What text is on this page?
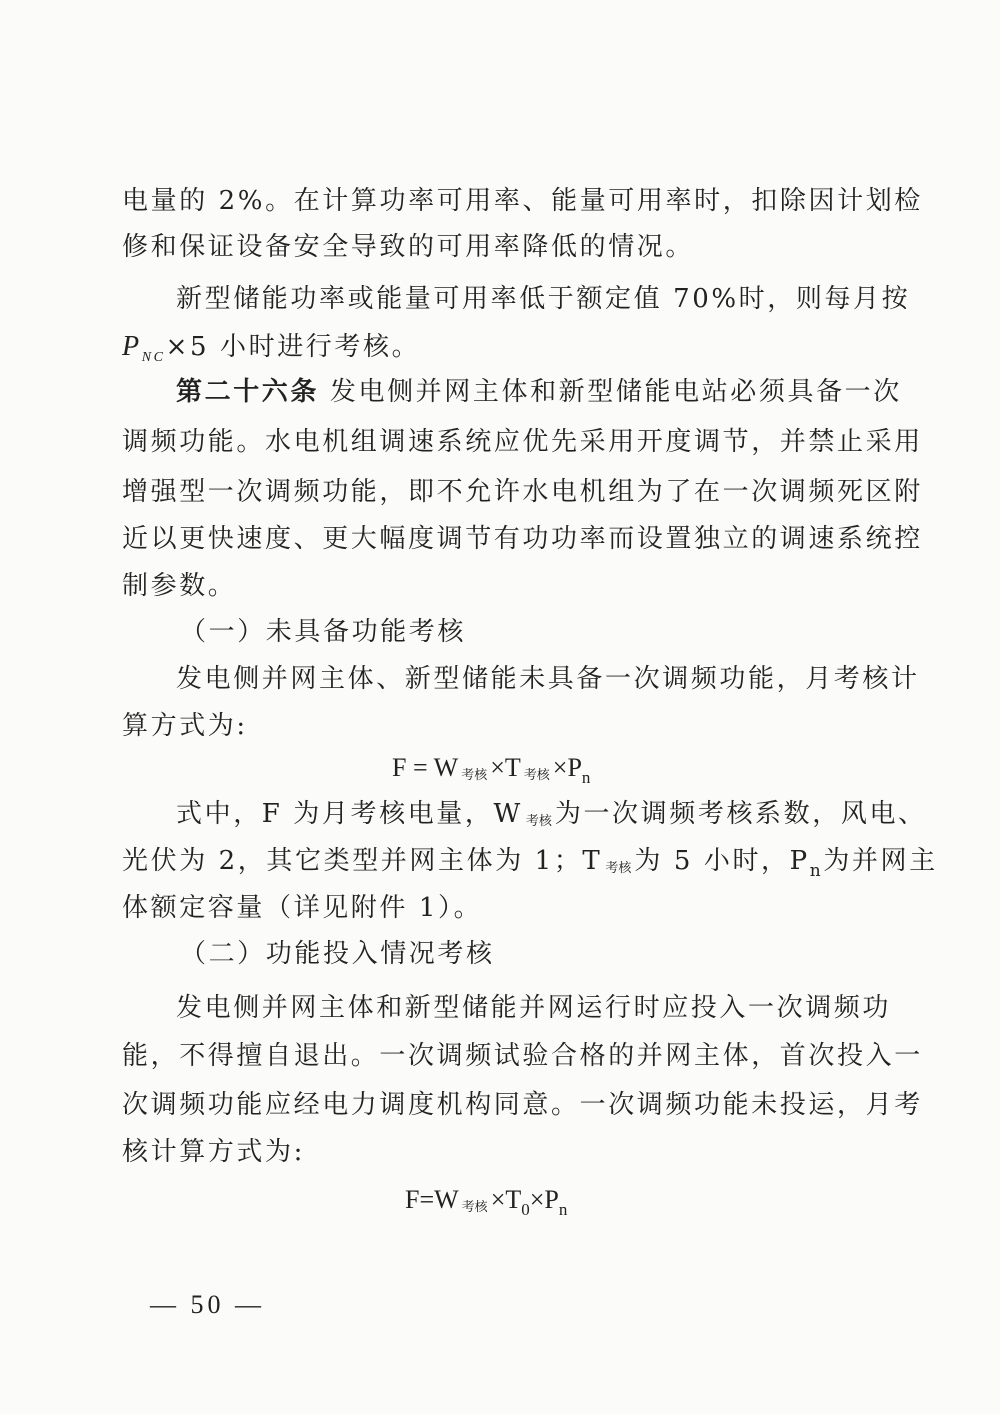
电量的 2%。在计算功率可用率、能量可用率时，扣除因计划检

修和保证设备安全导致的可用率降低的情况。

新型储能功率或能量可用率低于额定值 70%时，则每月按

$P_{NC}\times 5$ 小时进行考核。

第二十六条 发电侧并网主体和新型储能电站必须具备一次

调频功能。水电机组调速系统应优先采用开度调节，并禁止采用

增强型一次调频功能，即不允许水电机组为了在一次调频死区附

近以更快速度、更大幅度调节有功功率而设置独立的调速系统控

制参数。

（一）未具备功能考核

发电侧并网主体、新型储能未具备一次调频功能，月考核计

算方式为:

F = W 考核 ×T 考核 $\times P_n$

式中，F 为月考核电量，W 考核 为一次调频考核系数，风电、

光伏为 2，其它类型并网主体为 1；T 考核 为 5 小时，$P_n$为并网主

体额定容量（详见附件 1）。

（二）功能投入情况考核

发电侧并网主体和新型储能并网运行时应投入一次调频功

能，不得擅自退出。一次调频试验合格的并网主体，首次投入一

次调频功能应经电力调度机构同意。一次调频功能未投运，月考

核计算方式为:

F=W 考核 $\times T_0\times P_n$
— 50 —
